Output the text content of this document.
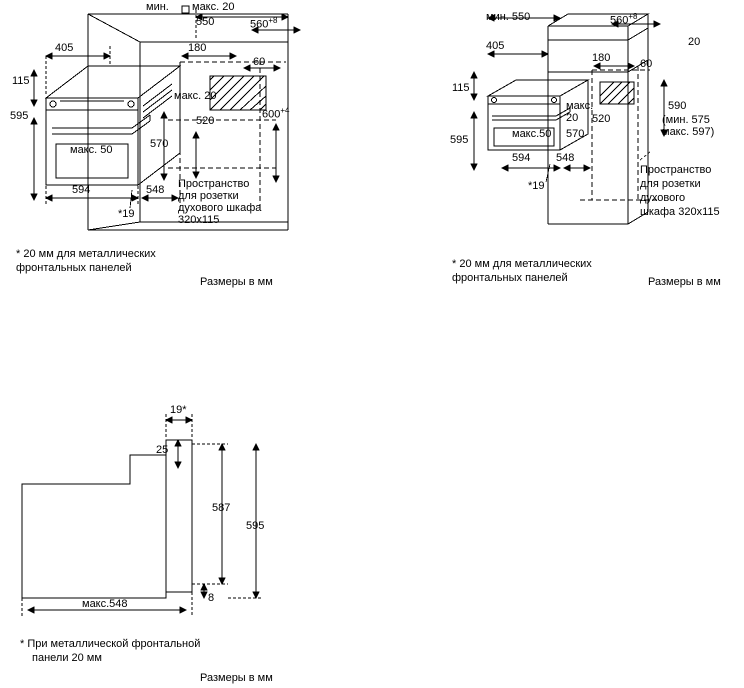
мин. макс. 20
550	$560^{+8}$
405	180
60
115
595
макс. 20
520
570
$600^{+4}$
макс. 50
594	548
*19
Пространство
для розетки
духового шкафа
320х115
* 20 мм для металлических
фронтальных панелей
Размеры в мм
мин. 550	$560^{+8}$
405
180
20
60
115
595
макс.
20 520
570
макс.50
590
(мин. 575
макс. 597)
594 548
*19
Пространство
для розетки
духового
шкафа 320х115
* 20 мм для металлических
фронтальных панелей	Размеры в мм
19*
25
587
595
макс.548	8
* При металлической фронтальной
панели 20 мм
Размеры в мм
